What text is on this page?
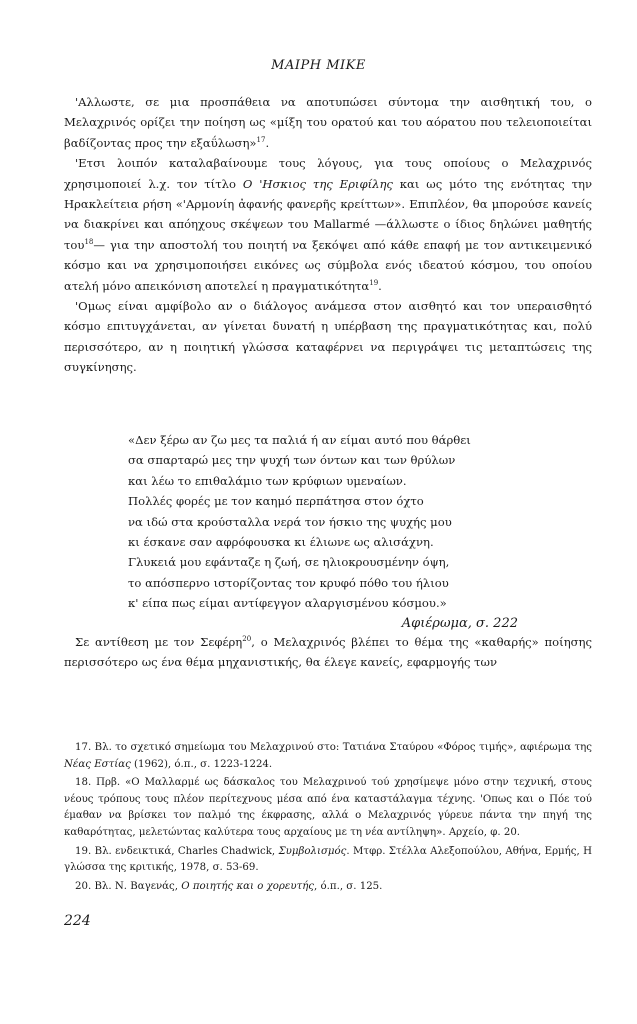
ΜΑΙΡΗ ΜΙΚΕ

'Αλλωστε, σε μια προσπάθεια να αποτυπώσει σύντομα την αισθητική του, ο Μελαχρινός ορίζει την ποίηση ως «μίξη του ορατού και του αόρατου που τελειοποιείται βαδίζοντας προς την εξαΰλωση»$^{17}$.

'Ετσι λοιπόν καταλαβαίνουμε τους λόγους, για τους οποίους ο Μελαχρινός χρησιμοποιεί λ.χ. τον τίτλο Ο 'Ησκιος της Εριφίλης και ως μότο της ενότητας την Ηρακλείτεια ρήση «'Αρμονίη ἀφανής φανερῆς κρείττων». Επιπλέον, θα μπορούσε κανείς να διακρίνει και απόηχους σκέψεων του Mallarmé —άλλωστε ο ίδιος δηλώνει μαθητής του$^{18}$— για την αποστολή του ποιητή να ξεκόψει από κάθε επαφή με τον αντικειμενικό κόσμο και να χρησιμοποιήσει εικόνες ως σύμβολα ενός ιδεατού κόσμου, του οποίου ατελή μόνο απεικόνιση αποτελεί η πραγματικότητα$^{19}$.

'Ομως είναι αμφίβολο αν ο διάλογος ανάμεσα στον αισθητό και τον υπεραισθητό κόσμο επιτυγχάνεται, αν γίνεται δυνατή η υπέρβαση της πραγματικότητας και, πολύ περισσότερο, αν η ποιητική γλώσσα καταφέρνει να περιγράψει τις μεταπτώσεις της συγκίνησης.

«Δεν ξέρω αν ζω μες τα παλιά ή αν είμαι αυτό που θάρθει
σα σπαρταρώ μες την ψυχή των όντων και των θρύλων
και λέω το επιθαλάμιο των κρύφιων υμεναίων.
Πολλές φορές με τον καημό περπάτησα στον όχτο
να ιδώ στα κρούσταλλα νερά τον ήσκιο της ψυχής μου
κι έσκανε σαν αφρόφουσκα κι έλιωνε ως αλισάχνη.
Γλυκειά μου εφάνταζε η ζωή, σε ηλιοκρουσμένην όψη,
το απόσπερνο ιστορίζοντας τον κρυφό πόθο του ήλιου
κ' είπα πως είμαι αντίφεγγον αλαργισμένου κόσμου.»
Αφιέρωμα, σ. 222

Σε αντίθεση με τον Σεφέρη$^{20}$, ο Μελαχρινός βλέπει το θέμα της «καθαρής» ποίησης περισσότερο ως ένα θέμα μηχανιστικής, θα έλεγε κανείς, εφαρμογής των

17. Βλ. το σχετικό σημείωμα του Μελαχρινού στο: Τατιάνα Σταύρου «Φόρος τιμής», αφιέρωμα της Νέας Εστίας (1962), ό.π., σ. 1223-1224.

18. Πρβ. «Ο Μαλλαρμέ ως δάσκαλος του Μελαχρινού τού χρησίμεψε μόνο στην τεχνική, στους νέους τρόπους τους πλέον περίτεχνους μέσα από ένα καταστάλαγμα τέχνης. 'Οπως και ο Πόε τού έμαθαν να βρίσκει τον παλμό της έκφρασης, αλλά ο Μελαχρινός γύρευε πάντα την πηγή της καθαρότητας, μελετώντας καλύτερα τους αρχαίους με τη νέα αντίληψη». Αρχείο, φ. 20.

19. Βλ. ενδεικτικά, Charles Chadwick, Συμβολισμός. Μτφρ. Στέλλα Αλεξοπούλου, Αθήνα, Ερμής, Η γλώσσα της κριτικής, 1978, σ. 53-69.

20. Βλ. Ν. Βαγενάς, Ο ποιητής και ο χορευτής, ό.π., σ. 125.

224
